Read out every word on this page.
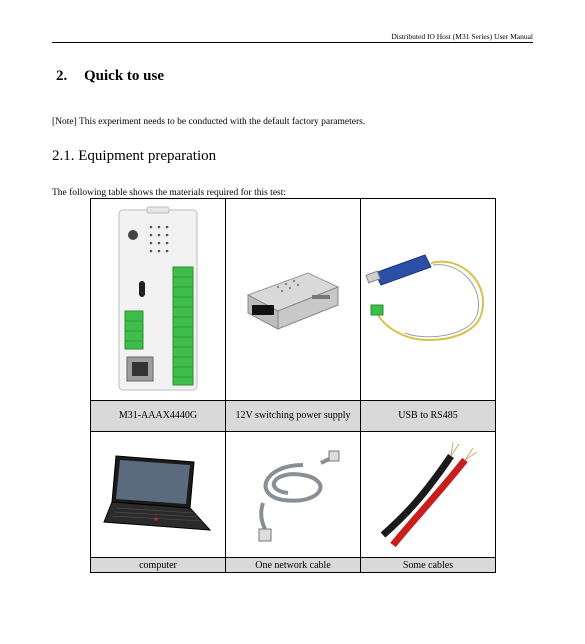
Distributed IO Host (M31 Series) User Manual
2. Quick to use
[Note] This experiment needs to be conducted with the default factory parameters.
2.1. Equipment preparation
The following table shows the materials required for this test:

M31-AAAX4440G	12V switching power supply	USB to RS485

computer	One network cable	Some cables
